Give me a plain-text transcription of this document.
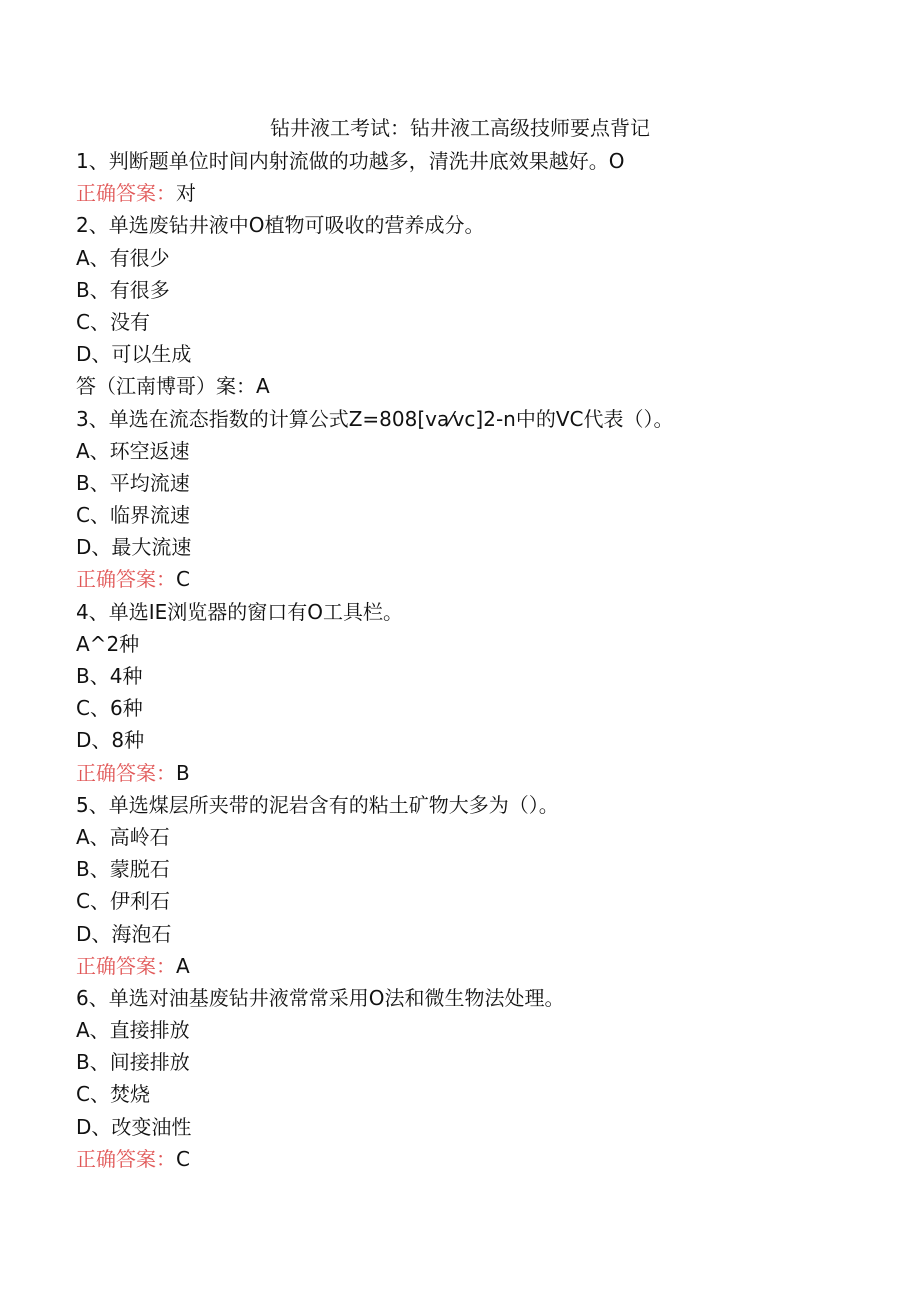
钻井液工考试：钻井液工高级技师要点背记
1、判断题单位时间内射流做的功越多，清洗井底效果越好。O
正确答案：对
2、单选废钻井液中O植物可吸收的营养成分。
A、有很少
B、有很多
C、没有
D、可以生成
答（江南博哥）案：A
3、单选在流态指数的计算公式Z=808[va⁄vc]2-n中的VC代表（）。
A、环空返速
B、平均流速
C、临界流速
D、最大流速
正确答案：C
4、单选IE浏览器的窗口有O工具栏。
A^2种
B、4种
C、6种
D、8种
正确答案：B
5、单选煤层所夹带的泥岩含有的粘土矿物大多为（）。
A、高岭石
B、蒙脱石
C、伊利石
D、海泡石
正确答案：A
6、单选对油基废钻井液常常采用O法和微生物法处理。
A、直接排放
B、间接排放
C、焚烧
D、改变油性
正确答案：C
